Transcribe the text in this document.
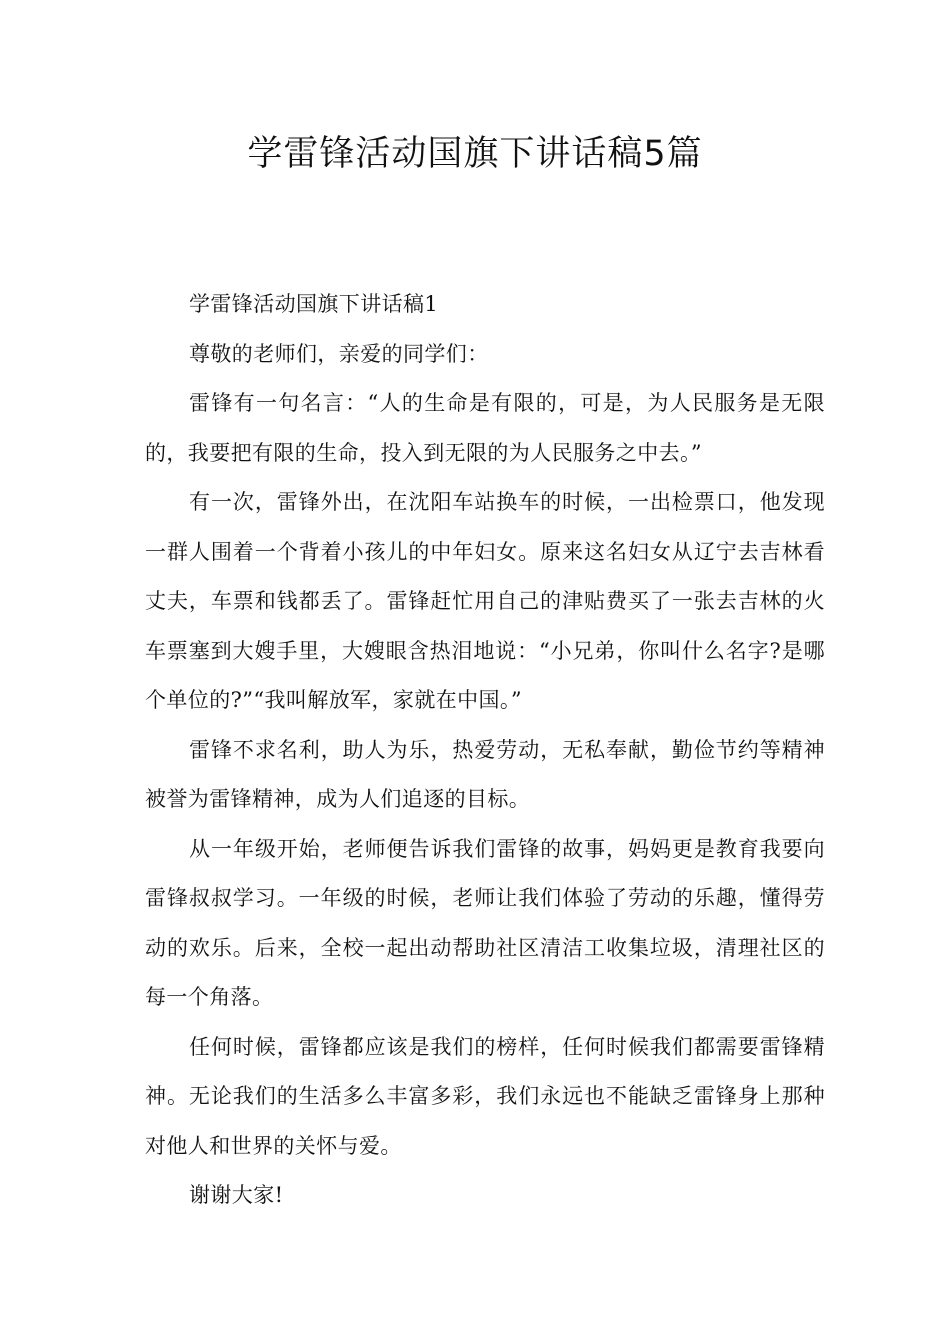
学雷锋活动国旗下讲话稿5篇

学雷锋活动国旗下讲话稿1

尊敬的老师们，亲爱的同学们：

雷锋有一句名言：“人的生命是有限的，可是，为人民服务是无限的，我要把有限的生命，投入到无限的为人民服务之中去。”

有一次，雷锋外出，在沈阳车站换车的时候，一出检票口，他发现一群人围着一个背着小孩儿的中年妇女。原来这名妇女从辽宁去吉林看丈夫，车票和钱都丢了。雷锋赶忙用自己的津贴费买了一张去吉林的火车票塞到大嫂手里，大嫂眼含热泪地说：“小兄弟，你叫什么名字?是哪个单位的?”“我叫解放军，家就在中国。”

雷锋不求名利，助人为乐，热爱劳动，无私奉献，勤俭节约等精神被誉为雷锋精神，成为人们追逐的目标。

从一年级开始，老师便告诉我们雷锋的故事，妈妈更是教育我要向雷锋叔叔学习。一年级的时候，老师让我们体验了劳动的乐趣，懂得劳动的欢乐。后来，全校一起出动帮助社区清洁工收集垃圾，清理社区的每一个角落。

任何时候，雷锋都应该是我们的榜样，任何时候我们都需要雷锋精神。无论我们的生活多么丰富多彩，我们永远也不能缺乏雷锋身上那种对他人和世界的关怀与爱。

谢谢大家!
